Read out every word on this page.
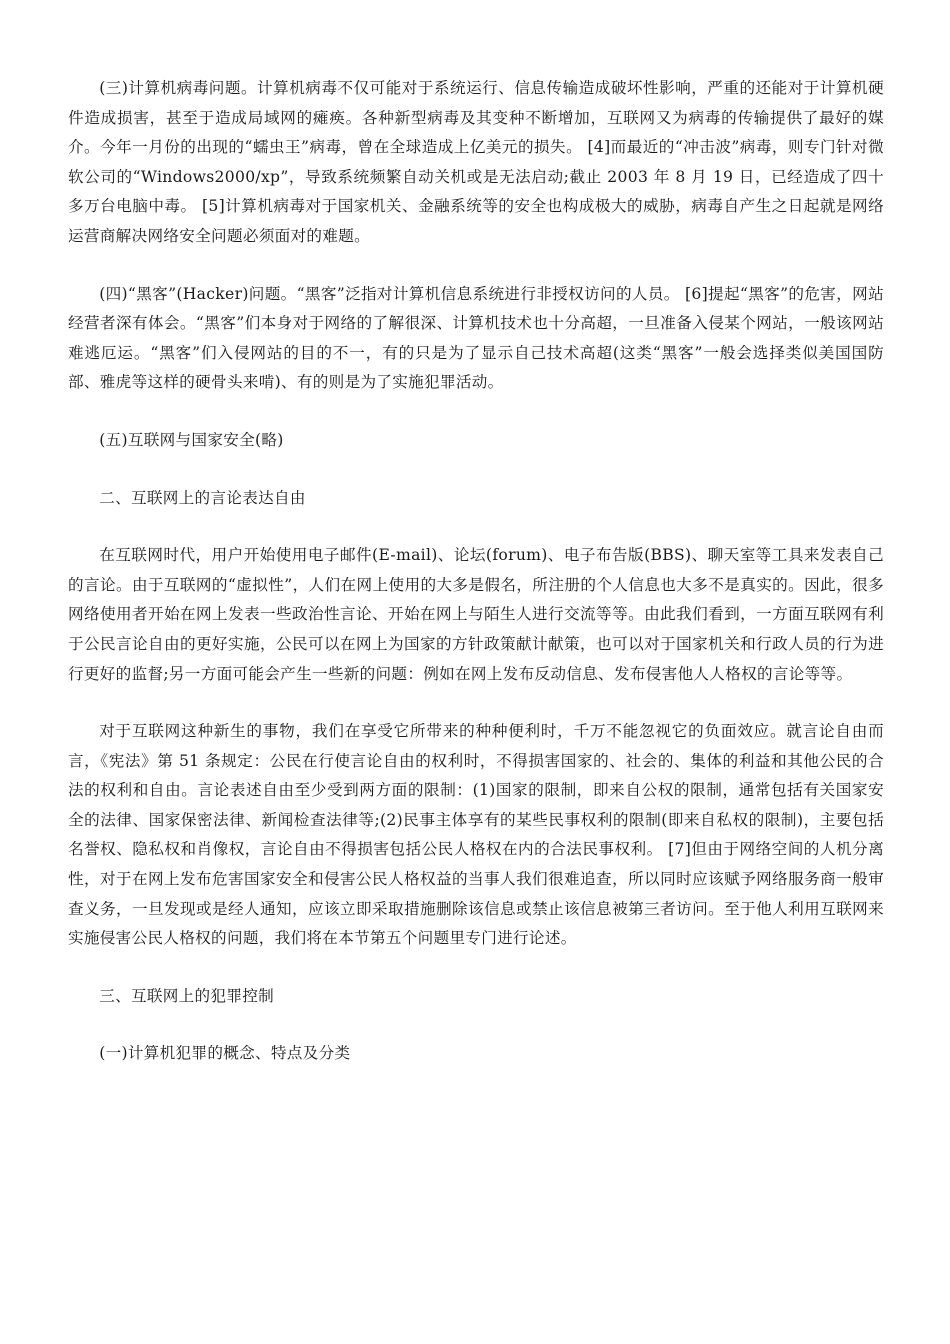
(三)计算机病毒问题。计算机病毒不仅可能对于系统运行、信息传输造成破坏性影响，严重的还能对于计算机硬件造成损害，甚至于造成局域网的瘫痪。各种新型病毒及其变种不断增加，互联网又为病毒的传输提供了最好的媒介。今年一月份的出现的“蠕虫王”病毒，曾在全球造成上亿美元的损失。 [4]而最近的“冲击波”病毒，则专门针对微软公司的“Windows2000/xp”，导致系统频繁自动关机或是无法启动;截止 2003 年 8 月 19 日，已经造成了四十多万台电脑中毒。 [5]计算机病毒对于国家机关、金融系统等的安全也构成极大的威胁，病毒自产生之日起就是网络运营商解决网络安全问题必须面对的难题。

(四)“黑客”(Hacker)问题。“黑客”泛指对计算机信息系统进行非授权访问的人员。 [6]提起“黑客”的危害，网站经营者深有体会。“黑客”们本身对于网络的了解很深、计算机技术也十分高超，一旦准备入侵某个网站，一般该网站难逃厄运。“黑客”们入侵网站的目的不一，有的只是为了显示自己技术高超(这类“黑客”一般会选择类似美国国防部、雅虎等这样的硬骨头来啃)、有的则是为了实施犯罪活动。

(五)互联网与国家安全(略)

二、互联网上的言论表达自由

在互联网时代，用户开始使用电子邮件(E-mail)、论坛(forum)、电子布告版(BBS)、聊天室等工具来发表自己的言论。由于互联网的“虚拟性”，人们在网上使用的大多是假名，所注册的个人信息也大多不是真实的。因此，很多网络使用者开始在网上发表一些政治性言论、开始在网上与陌生人进行交流等等。由此我们看到，一方面互联网有利于公民言论自由的更好实施，公民可以在网上为国家的方针政策献计献策，也可以对于国家机关和行政人员的行为进行更好的监督;另一方面可能会产生一些新的问题：例如在网上发布反动信息、发布侵害他人人格权的言论等等。

对于互联网这种新生的事物，我们在享受它所带来的种种便利时，千万不能忽视它的负面效应。就言论自由而言，《宪法》第 51 条规定：公民在行使言论自由的权利时，不得损害国家的、社会的、集体的利益和其他公民的合法的权利和自由。言论表述自由至少受到两方面的限制：(1)国家的限制，即来自公权的限制，通常包括有关国家安全的法律、国家保密法律、新闻检查法律等;(2)民事主体享有的某些民事权利的限制(即来自私权的限制)，主要包括名誉权、隐私权和肖像权，言论自由不得损害包括公民人格权在内的合法民事权利。 [7]但由于网络空间的人机分离性，对于在网上发布危害国家安全和侵害公民人格权益的当事人我们很难追查，所以同时应该赋予网络服务商一般审查义务，一旦发现或是经人通知，应该立即采取措施删除该信息或禁止该信息被第三者访问。至于他人利用互联网来实施侵害公民人格权的问题，我们将在本节第五个问题里专门进行论述。

三、互联网上的犯罪控制

(一)计算机犯罪的概念、特点及分类
